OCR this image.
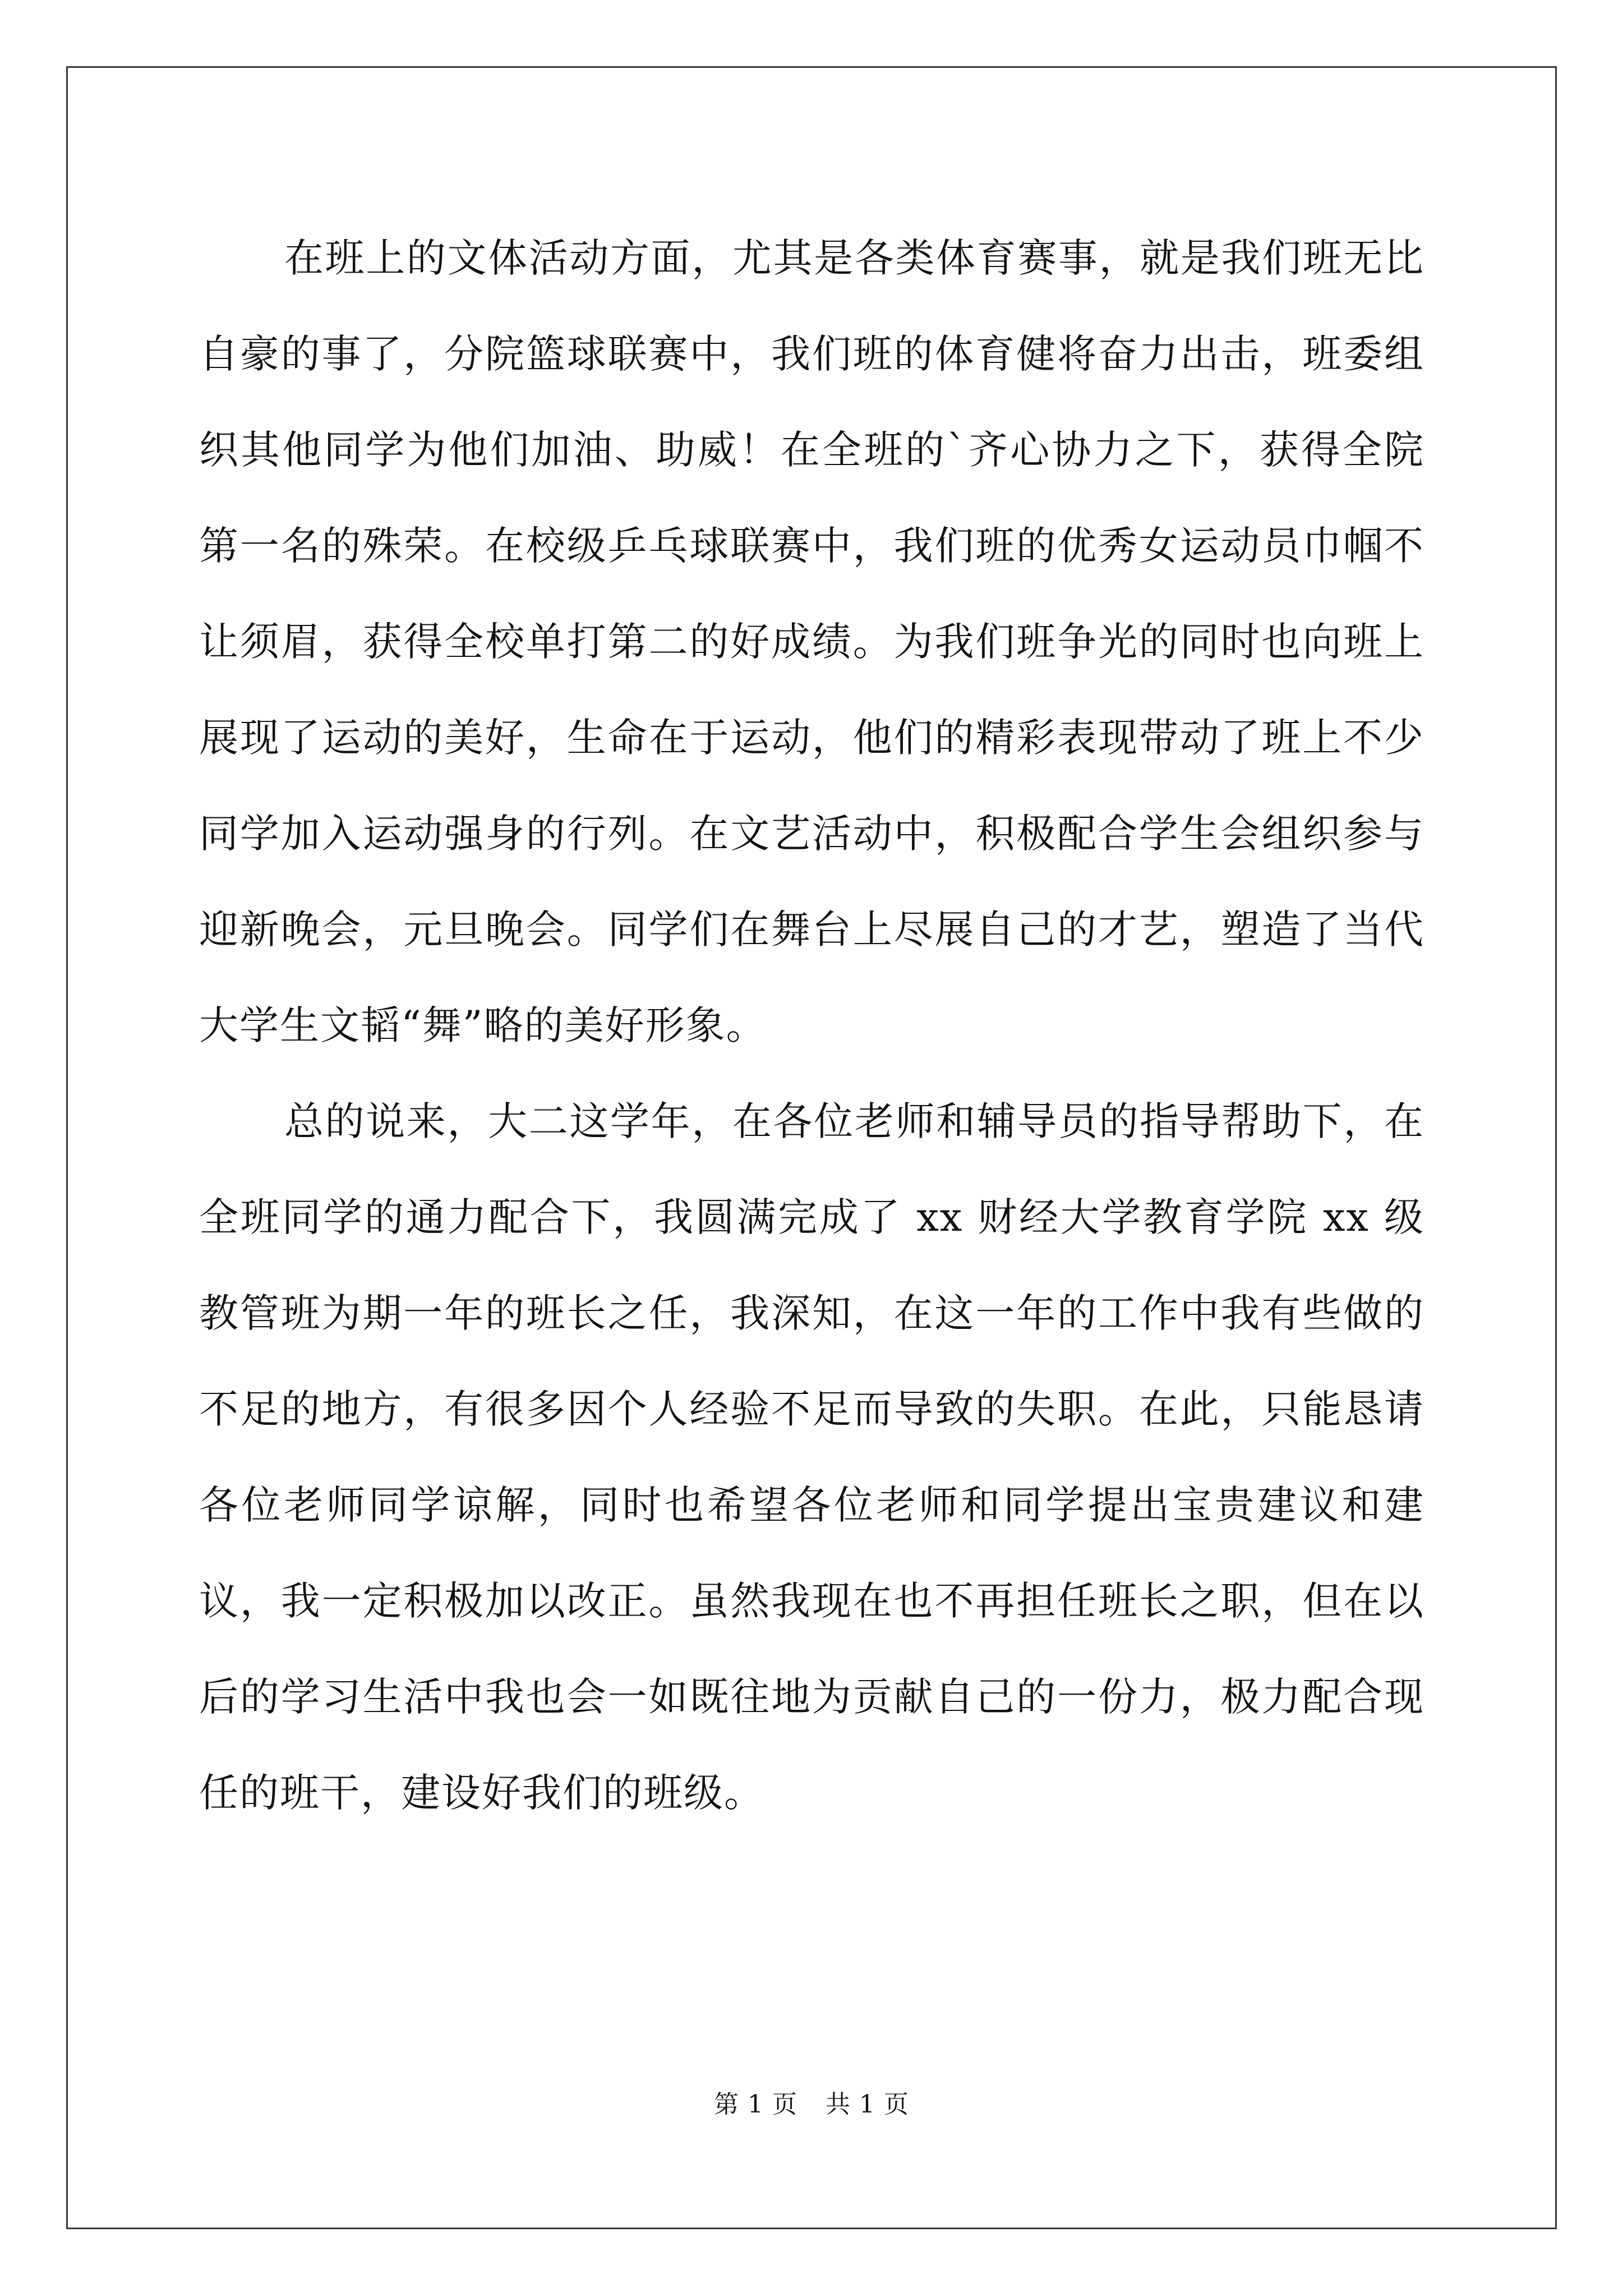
在班上的文体活动方面，尤其是各类体育赛事，就是我们班无比自豪的事了，分院篮球联赛中，我们班的体育健将奋力出击，班委组织其他同学为他们加油、助威！在全班的`齐心协力之下，获得全院第一名的殊荣。在校级乒乓球联赛中，我们班的优秀女运动员巾帼不让须眉，获得全校单打第二的好成绩。为我们班争光的同时也向班上展现了运动的美好，生命在于运动，他们的精彩表现带动了班上不少同学加入运动强身的行列。在文艺活动中，积极配合学生会组织参与迎新晚会，元旦晚会。同学们在舞台上尽展自己的才艺，塑造了当代大学生文韬“舞”略的美好形象。

总的说来，大二这学年，在各位老师和辅导员的指导帮助下，在全班同学的通力配合下，我圆满完成了 xx 财经大学教育学院 xx 级教管班为期一年的班长之任，我深知，在这一年的工作中我有些做的不足的地方，有很多因个人经验不足而导致的失职。在此，只能恳请各位老师同学谅解，同时也希望各位老师和同学提出宝贵建议和建议，我一定积极加以改正。虽然我现在也不再担任班长之职，但在以后的学习生活中我也会一如既往地为贡献自己的一份力，极力配合现任的班干，建设好我们的班级。

第 1 页 共 1 页
